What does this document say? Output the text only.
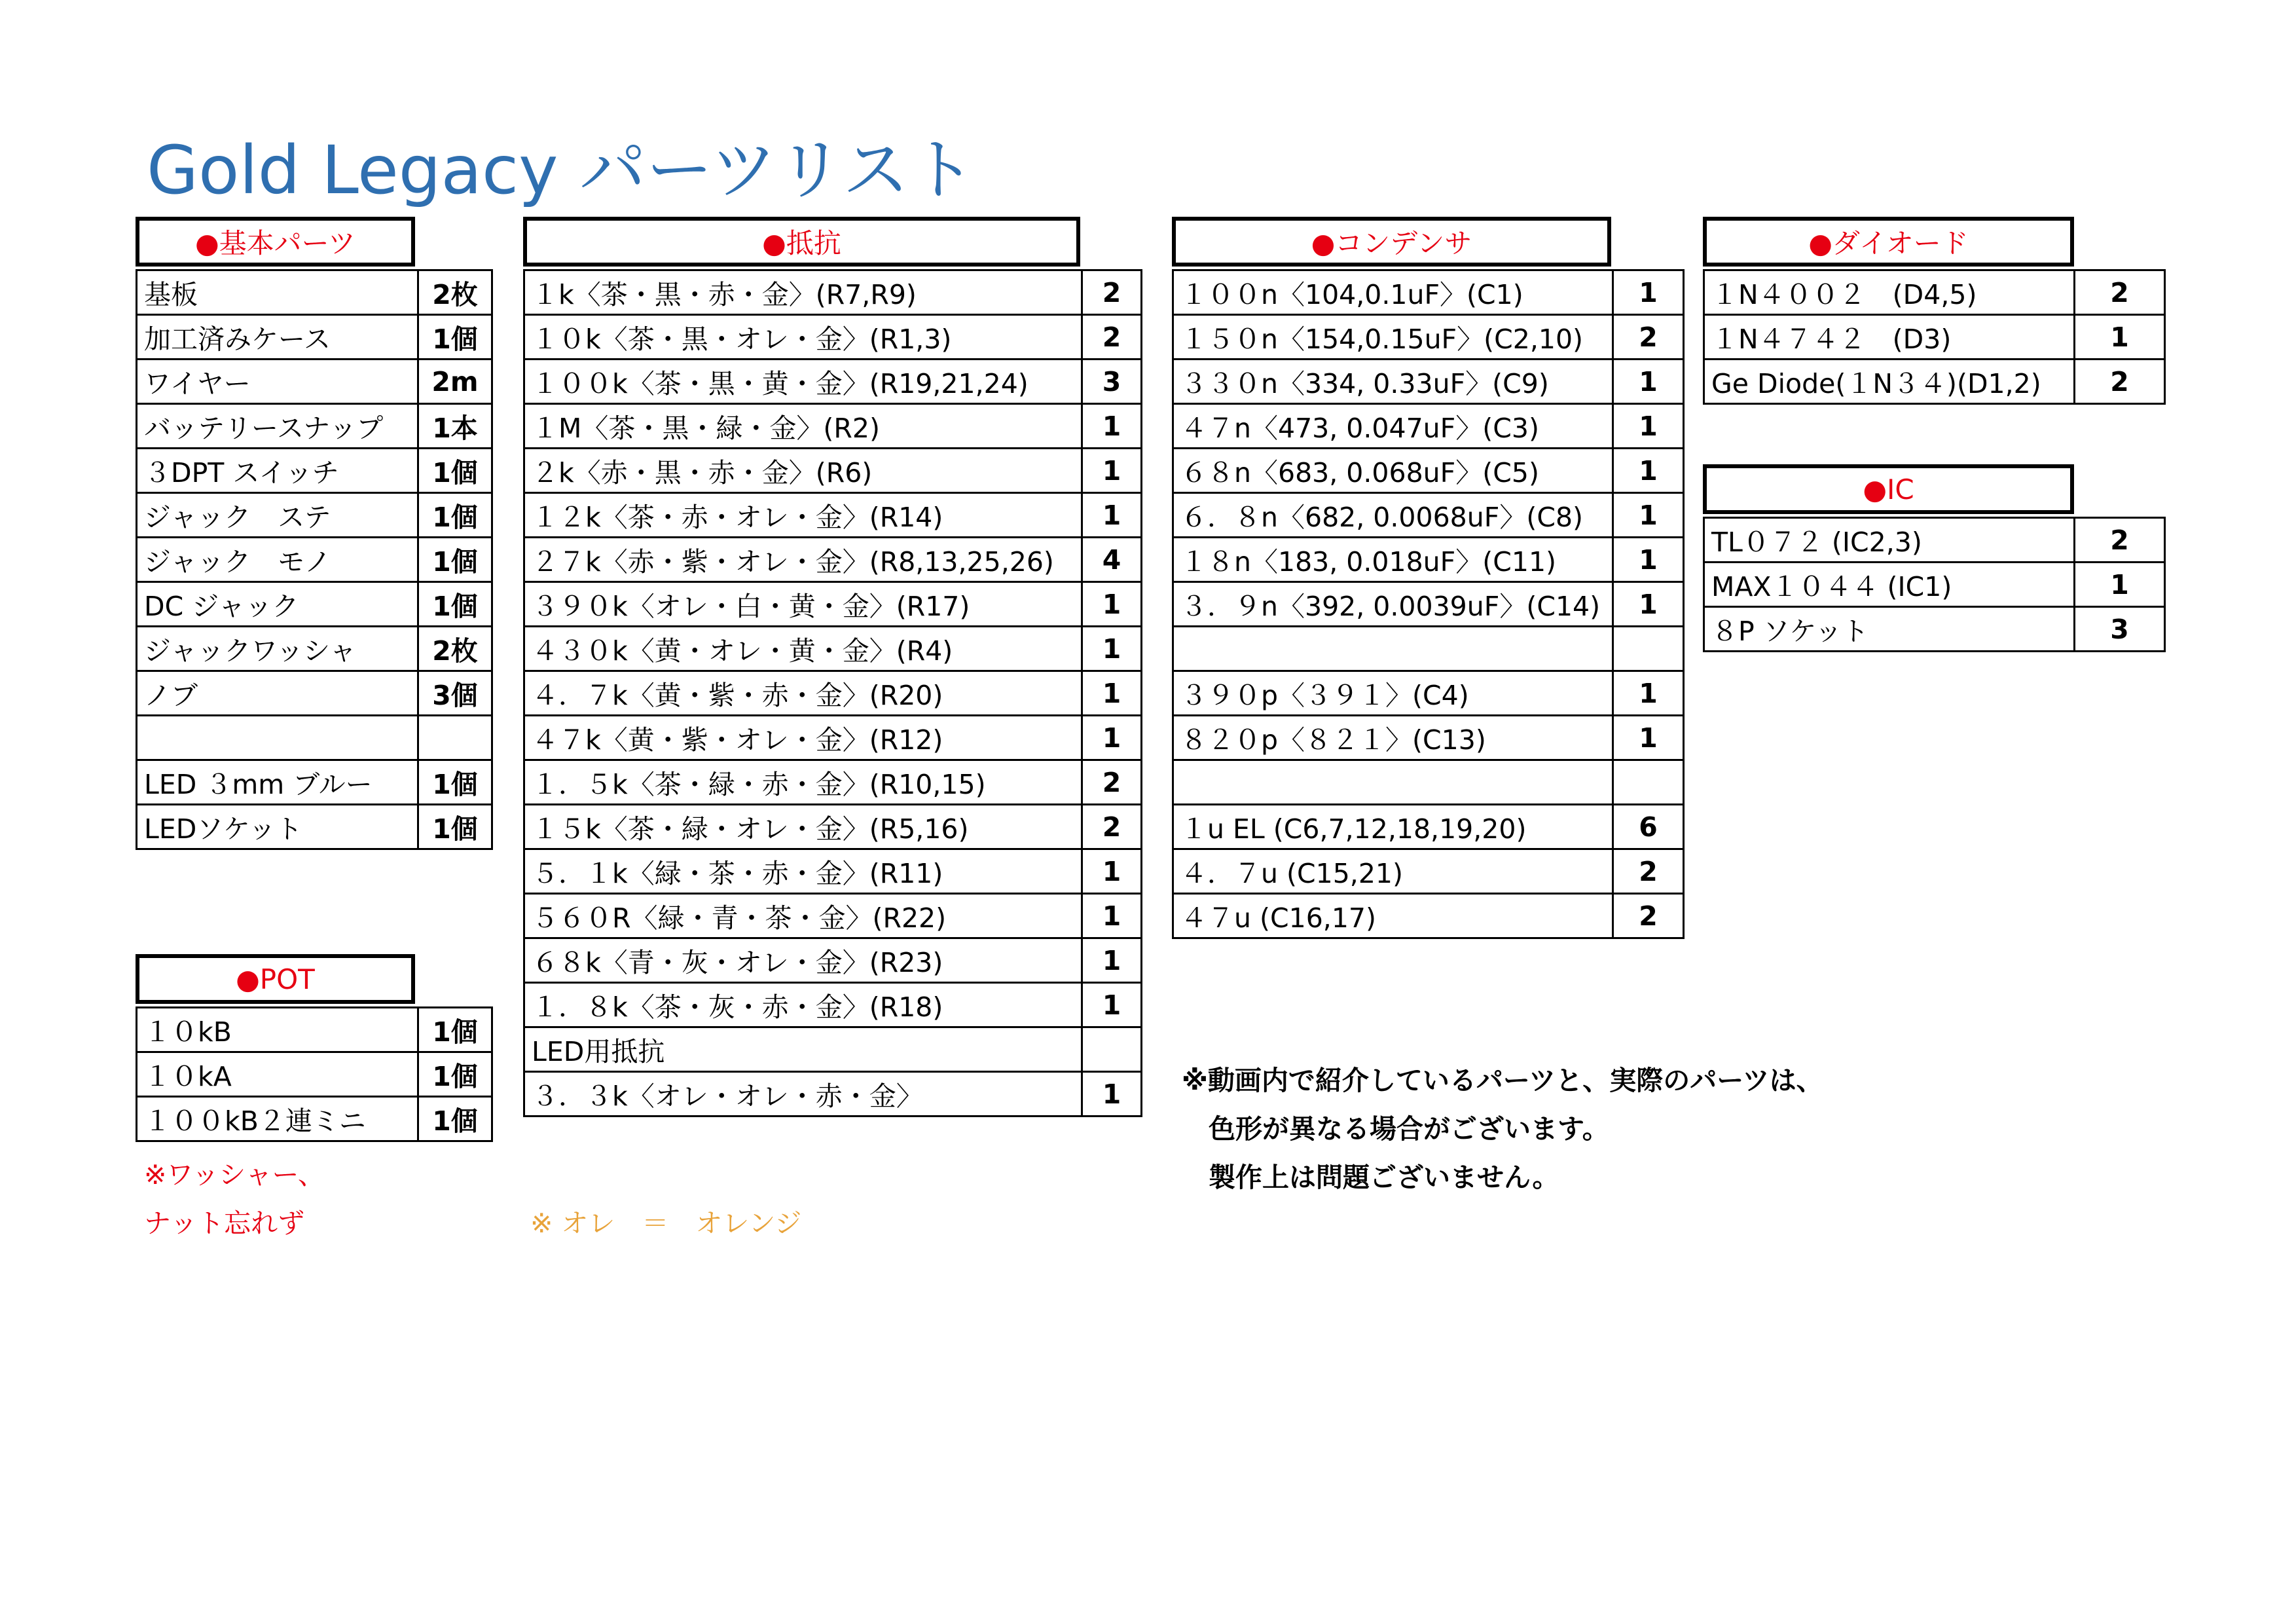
Gold Legacy パーツリスト
●基本パーツ
基板	2枚
加工済みケース	1個
ワイヤー	2m
バッテリースナップ	1本
３DPT スイッチ	1個
ジャック　ステ	1個
ジャック　モノ	1個
DC ジャック	1個
ジャックワッシャ	2枚
ノブ	3個

LED ３mm ブルー	1個
LEDソケット	1個
●POT
１０kB	1個
１０kA	1個
１００kB２連ミニ	1個
※ワッシャー、
ナット忘れず
●抵抗
１k〈茶・黒・赤・金〉(R7,R9)	2
１０k〈茶・黒・オレ・金〉(R1,3)	2
１００k〈茶・黒・黄・金〉(R19,21,24)	3
１M〈茶・黒・緑・金〉(R2)	1
２k〈赤・黒・赤・金〉(R6)	1
１２k〈茶・赤・オレ・金〉(R14)	1
２７k〈赤・紫・オレ・金〉(R8,13,25,26)	4
３９０k〈オレ・白・黄・金〉(R17)	1
４３０k〈黄・オレ・黄・金〉(R4)	1
４．７k〈黄・紫・赤・金〉(R20)	1
４７k〈黄・紫・オレ・金〉(R12)	1
１．５k〈茶・緑・赤・金〉(R10,15)	2
１５k〈茶・緑・オレ・金〉(R5,16)	2
５．１k〈緑・茶・赤・金〉(R11)	1
５６０R〈緑・青・茶・金〉(R22)	1
６８k〈青・灰・オレ・金〉(R23)	1
１．８k〈茶・灰・赤・金〉(R18)	1
LED用抵抗	
３．３k〈オレ・オレ・赤・金〉	1
※ オレ　＝　オレンジ
●コンデンサ
１００n〈104,0.1uF〉(C1)	1
１５０n〈154,0.15uF〉(C2,10)	2
３３０n〈334, 0.33uF〉(C9)	1
４７n〈473, 0.047uF〉(C3)	1
６８n〈683, 0.068uF〉(C5)	1
６．８n〈682, 0.0068uF〉(C8)	1
１８n〈183, 0.018uF〉(C11)	1
３．９n〈392, 0.0039uF〉(C14)	1

３９０p〈３９１〉(C4)	1
８２０p〈８２１〉(C13)	1

１u EL (C6,7,12,18,19,20)	6
４．７u (C15,21)	2
４７u (C16,17)	2
●ダイオード
１N４００２　(D4,5)	2
１N４７４２　(D3)	1
Ge Diode(１N３４)(D1,2)	2
●IC
TL０７２ (IC2,3)	2
MAX１０４４ (IC1)	1
８P ソケット	3
※動画内で紹介しているパーツと、実際のパーツは、
　色形が異なる場合がございます。
　製作上は問題ございません。
